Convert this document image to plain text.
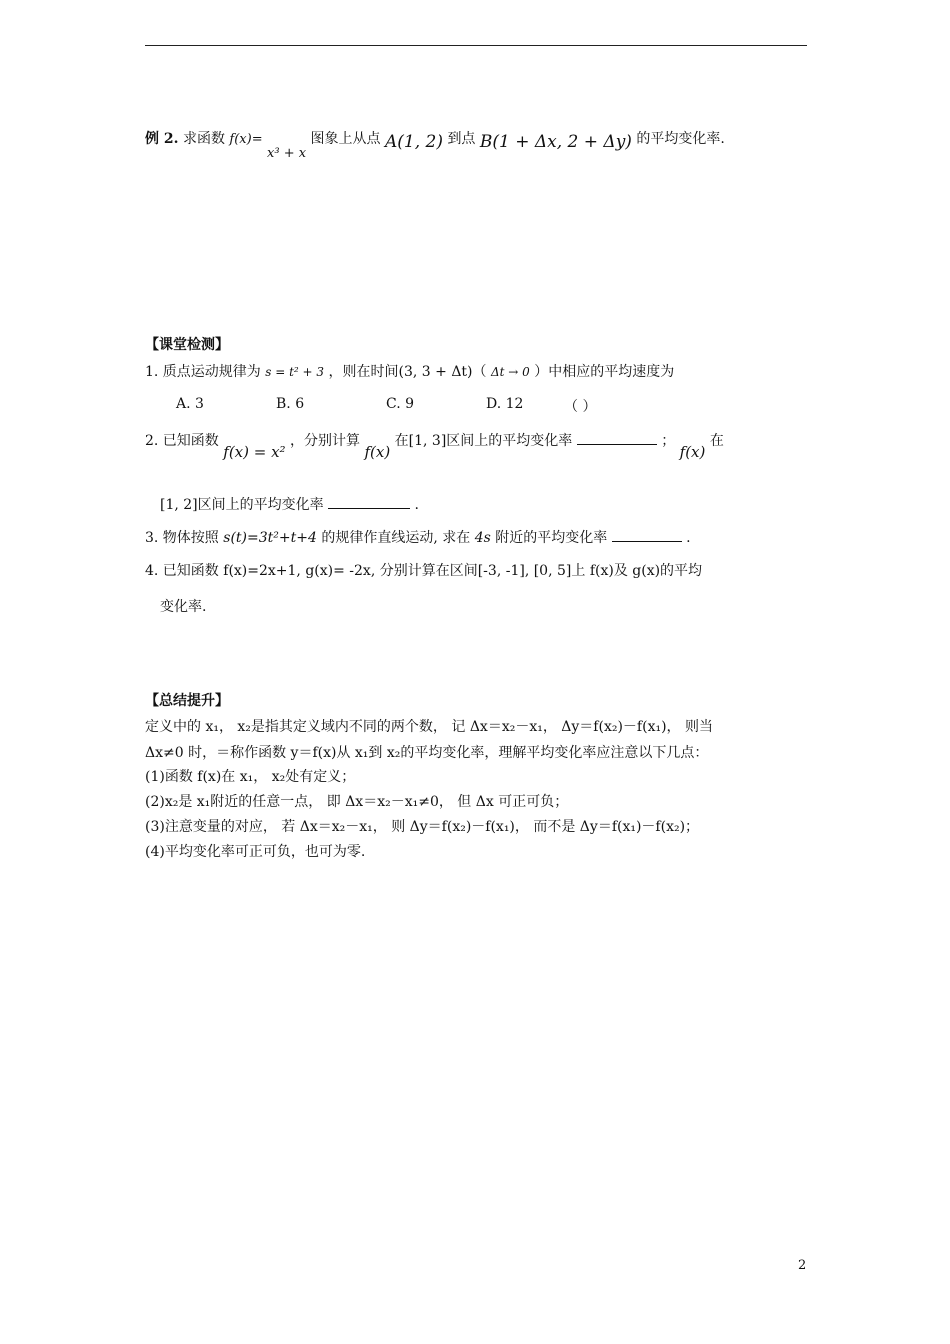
例 2. 求函数 f(x)= x³ + x 图象上从点 A(1, 2) 到点 B(1 + Δx, 2 + Δy) 的平均变化率.
【课堂检测】
1. 质点运动规律为 s = t² + 3 ，则在时间(3, 3 + Δt)（ Δt → 0 ）中相应的平均速度为
A. 3	B. 6	C. 9	D. 12	（ ）
2. 已知函数 f(x) = x² ，分别计算 f(x) 在[1, 3]区间上的平均变化率	； f(x) 在
[1, 2]区间上的平均变化率	.
3. 物体按照 s(t)=3t²+t+4 的规律作直线运动, 求在 4s 附近的平均变化率	.
4. 已知函数 f(x)=2x+1, g(x)= -2x, 分别计算在区间[-3, -1], [0, 5]上 f(x)及 g(x)的平均
变化率.
【总结提升】
定义中的 x₁， x₂是指其定义域内不同的两个数， 记 Δx＝x₂－x₁， Δy＝f(x₂)－f(x₁)， 则当
Δx≠0 时，＝称作函数 y＝f(x)从 x₁到 x₂的平均变化率，理解平均变化率应注意以下几点：
(1)函数 f(x)在 x₁， x₂处有定义；
(2)x₂是 x₁附近的任意一点， 即 Δx＝x₂－x₁≠0， 但 Δx 可正可负；
(3)注意变量的对应， 若 Δx＝x₂－x₁， 则 Δy＝f(x₂)－f(x₁)， 而不是 Δy＝f(x₁)－f(x₂)；
(4)平均变化率可正可负，也可为零.
2
